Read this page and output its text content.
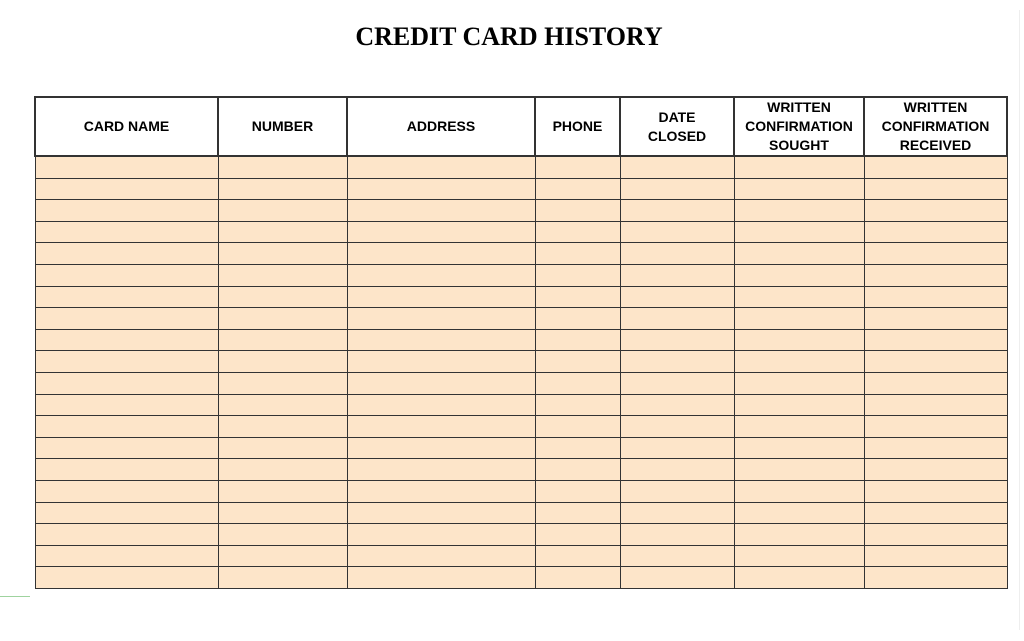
CREDIT CARD HISTORY
CARD NAME	NUMBER	ADDRESS	PHONE	DATE CLOSED	WRITTEN CONFIRMATION SOUGHT	WRITTEN CONFIRMATION RECEIVED
